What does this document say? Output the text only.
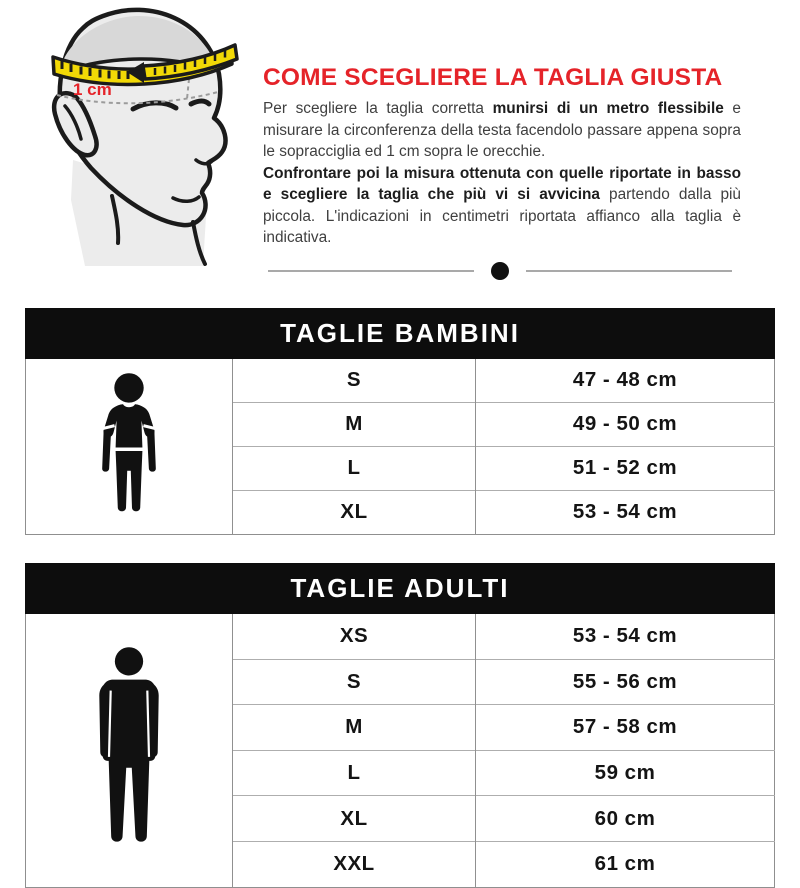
1 cm	COME SCEGLIERE LA TAGLIA GIUSTA

Per scegliere la taglia corretta munirsi di un metro flessibile e misurare la circonferenza della testa facendolo passare appena sopra le sopracciglia ed 1 cm sopra le orecchie.
Confrontare poi la misura ottenuta con quelle riportate in basso e scegliere la taglia che più vi si avvicina partendo dalla più piccola. L'indicazioni in centimetri riportata affianco alla taglia è indicativa.

TAGLIE BAMBINI
	S	47 - 48 cm
	M	49 - 50 cm
	L	51 - 52 cm
	XL	53 - 54 cm
TAGLIE ADULTI
	XS	53 - 54 cm
	S	55 - 56 cm
	M	57 - 58 cm
	L	59 cm
	XL	60 cm
	XXL	61 cm
